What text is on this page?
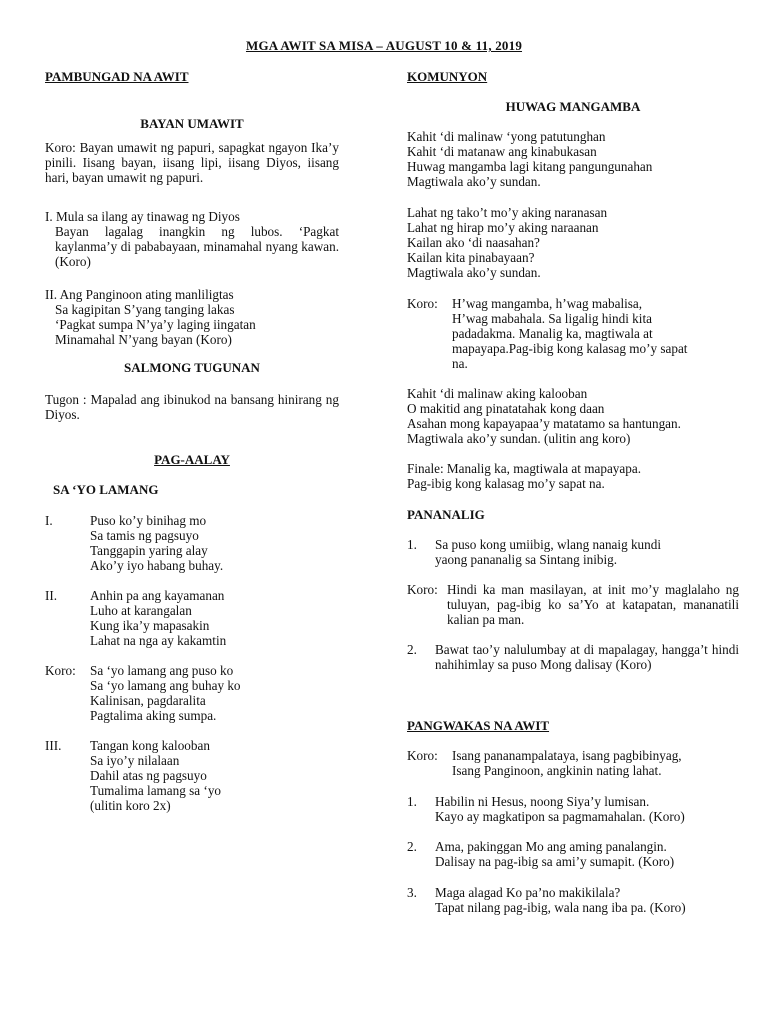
MGA AWIT SA MISA – AUGUST 10 & 11, 2019
PAMBUNGAD NA AWIT
BAYAN UMAWIT
Koro: Bayan umawit ng papuri, sapagkat ngayon Ika’y pinili. Iisang bayan, iisang lipi, iisang Diyos, iisang hari, bayan umawit ng papuri.
I. Mula sa ilang ay tinawag ng Diyos
Bayan lagalag inangkin ng lubos. ‘Pagkat kaylanma’y di pababayaan, minamahal nyang kawan. (Koro)
II. Ang Panginoon ating manliligtas
Sa kagipitan S’yang tanging lakas
‘Pagkat sumpa N’ya’y laging iingatan
Minamahal N’yang bayan (Koro)
SALMONG TUGUNAN
Tugon : Mapalad ang ibinukod na bansang hinirang ng Diyos.
PAG-AALAY
SA ‘YO LAMANG
I.	Puso ko’y binihag mo
Sa tamis ng pagsuyo
Tanggapin yaring alay
Ako’y iyo habang buhay.
II. Anhin pa ang kayamanan
Luho at karangalan
Kung ika’y mapasakin
Lahat na nga ay kakamtin
Koro: Sa ‘yo lamang ang puso ko
Sa ‘yo lamang ang buhay ko
Kalinisan, pagdaralita
Pagtalima aking sumpa.
III. Tangan kong kalooban
Sa iyo’y nilalaan
Dahil atas ng pagsuyo
Tumalima lamang sa ‘yo
(ulitin koro 2x)
KOMUNYON
HUWAG MANGAMBA
Kahit ‘di malinaw ‘yong patutunghan
Kahit ‘di matanaw ang kinabukasan
Huwag mangamba lagi kitang pangungunahan
Magtiwala ako’y sundan.
Lahat ng tako’t mo’y aking naranasan
Lahat ng hirap mo’y aking naraanan
Kailan ako ‘di naasahan?
Kailan kita pinabayaan?
Magtiwala ako’y sundan.
Koro: H’wag mangamba, h’wag mabalisa,
H’wag mabahala. Sa ligalig hindi kita
padadakma. Manalig ka, magtiwala at
mapayapa.Pag-ibig kong kalasag mo’y sapat
na.
Kahit ‘di malinaw aking kalooban
O makitid ang pinatatahak kong daan
Asahan mong kapayapaa’y matatamo sa hantungan.
Magtiwala ako’y sundan. (ulitin ang koro)
Finale: Manalig ka, magtiwala at mapayapa.
Pag-ibig kong kalasag mo’y sapat na.
PANANALIG
1. Sa puso kong umiibig, wlang nanaig kundi
yaong pananalig sa Sintang inibig.
Koro: Hindi ka man masilayan, at init mo’y maglalaho ng tuluyan, pag-ibig ko sa’Yo at katapatan, mananatili kalian pa man.
2. Bawat tao’y nalulumbay at di mapalagay, hangga’t hindi nahihimlay sa puso Mong dalisay (Koro)
PANGWAKAS NA AWIT
Koro: Isang pananampalataya, isang pagbibinyag,
Isang Panginoon, angkinin nating lahat.
1. Habilin ni Hesus, noong Siya’y lumisan.
Kayo ay magkatipon sa pagmamahalan. (Koro)
2. Ama, pakinggan Mo ang aming panalangin.
Dalisay na pag-ibig sa ami’y sumapit. (Koro)
3. Maga alagad Ko pa’no makikilala?
Tapat nilang pag-ibig, wala nang iba pa. (Koro)
